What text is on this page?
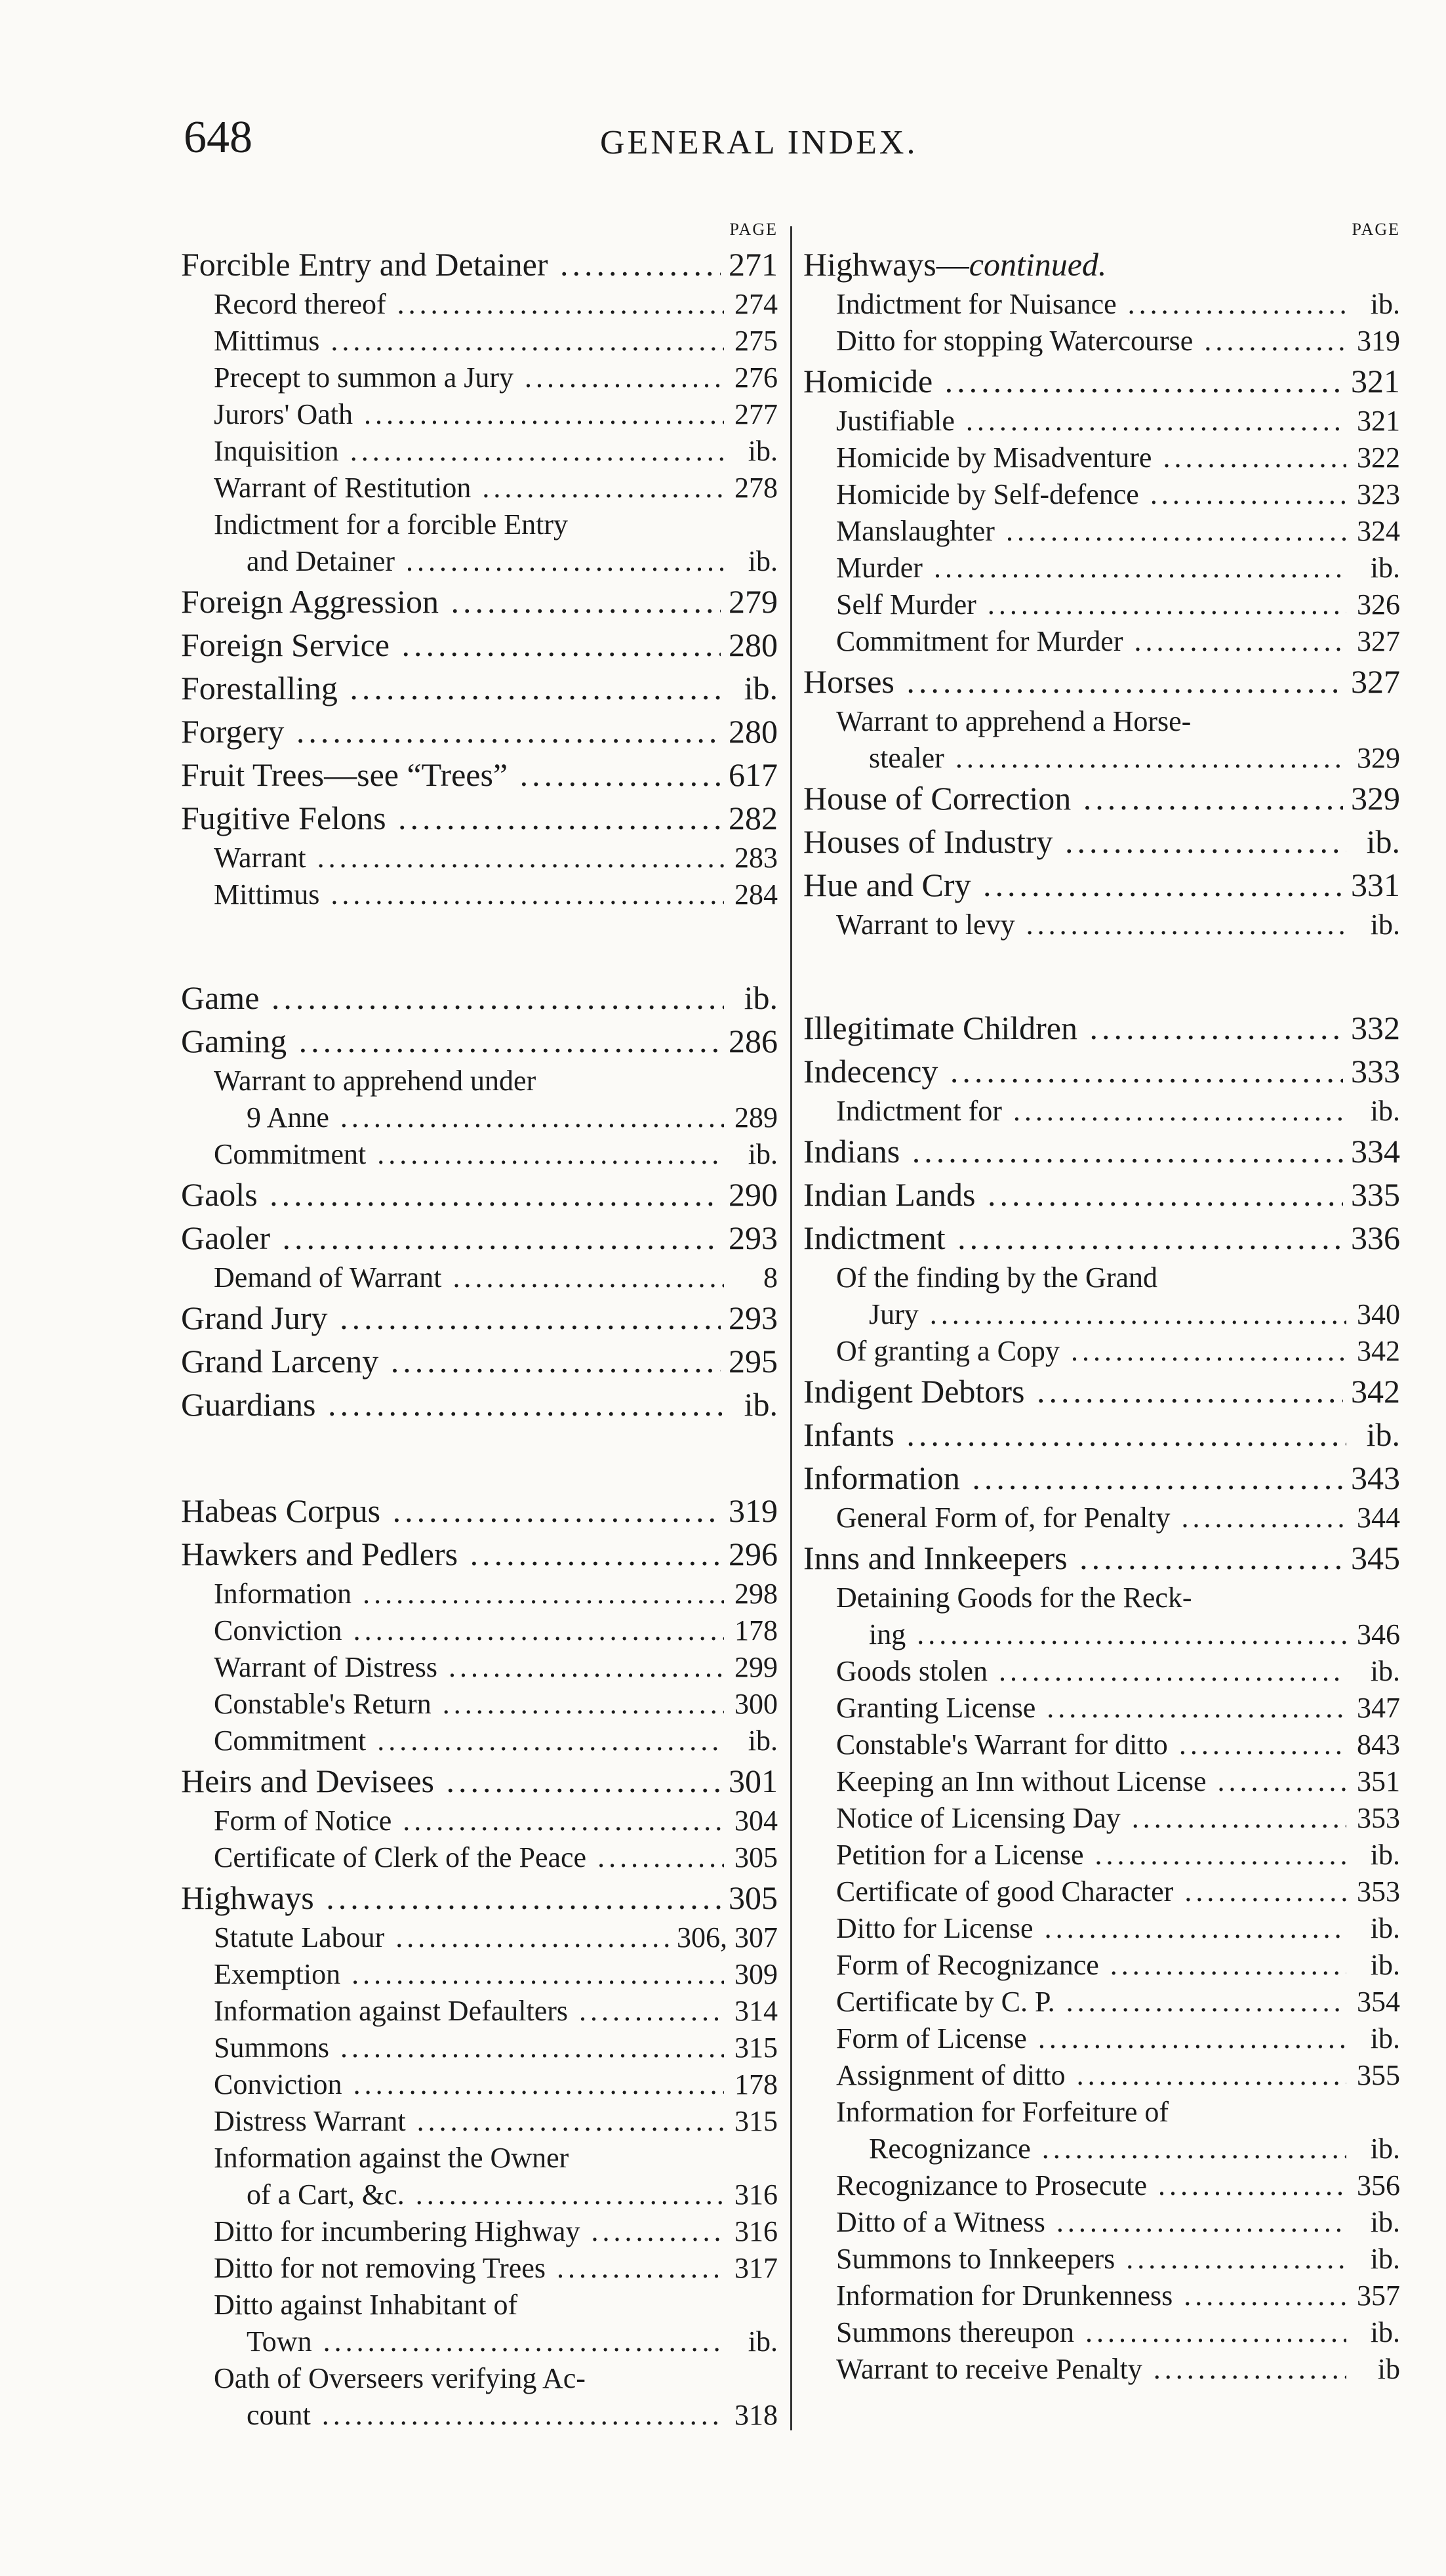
648	GENERAL INDEX.
PAGE
Forcible Entry and Detainer .....	271
Record thereof .....	274
Mittimus .....	275
Precept to summon a Jury .....	276
Jurors' Oath .....	277
Inquisition .....	ib.
Warrant of Restitution .....	278
Indictment for a forcible Entry
and Detainer .....	ib.
Foreign Aggression .....	279
Foreign Service .....	280
Forestalling .....	ib.
Forgery .....	280
Fruit Trees—see “Trees” .....	617
Fugitive Felons .....	282
Warrant .....	283
Mittimus .....	284
Game .....	ib.
Gaming .....	286
Warrant to apprehend under
9 Anne .....	289
Commitment .....	ib.
Gaols .....	290
Gaoler .....	293
Demand of Warrant .....	8
Grand Jury .....	293
Grand Larceny .....	295
Guardians .....	ib.
Habeas Corpus .....	319
Hawkers and Pedlers .....	296
Information .....	298
Conviction .....	178
Warrant of Distress .....	299
Constable's Return .....	300
Commitment .....	ib.
Heirs and Devisees .....	301
Form of Notice .....	304
Certificate of Clerk of the Peace .....	305
Highways .....	305
Statute Labour .....	306, 307
Exemption .....	309
Information against Defaulters .....	314
Summons .....	315
Conviction .....	178
Distress Warrant .....	315
Information against the Owner
of a Cart, &c. .....	316
Ditto for incumbering Highway .....	316
Ditto for not removing Trees .....	317
Ditto against Inhabitant of
Town .....	ib.
Oath of Overseers verifying Ac-
count .....	318
PAGE
Highways—continued.
Indictment for Nuisance .....	ib.
Ditto for stopping Watercourse .....	319
Homicide .....	321
Justifiable .....	321
Homicide by Misadventure .....	322
Homicide by Self-defence .....	323
Manslaughter .....	324
Murder .....	ib.
Self Murder .....	326
Commitment for Murder .....	327
Horses .....	327
Warrant to apprehend a Horse-
stealer .....	329
House of Correction .....	329
Houses of Industry .....	ib.
Hue and Cry .....	331
Warrant to levy .....	ib.
Illegitimate Children .....	332
Indecency .....	333
Indictment for .....	ib.
Indians .....	334
Indian Lands .....	335
Indictment .....	336
Of the finding by the Grand
Jury .....	340
Of granting a Copy .....	342
Indigent Debtors .....	342
Infants .....	ib.
Information .....	343
General Form of, for Penalty .....	344
Inns and Innkeepers .....	345
Detaining Goods for the Reck-
ing .....	346
Goods stolen .....	ib.
Granting License .....	347
Constable's Warrant for ditto .....	843
Keeping an Inn without License .....	351
Notice of Licensing Day .....	353
Petition for a License .....	ib.
Certificate of good Character .....	353
Ditto for License .....	ib.
Form of Recognizance .....	ib.
Certificate by C. P. .....	354
Form of License .....	ib.
Assignment of ditto .....	355
Information for Forfeiture of
Recognizance .....	ib.
Recognizance to Prosecute .....	356
Ditto of a Witness .....	ib.
Summons to Innkeepers .....	ib.
Information for Drunkenness .....	357
Summons thereupon .....	ib.
Warrant to receive Penalty .....	ib
